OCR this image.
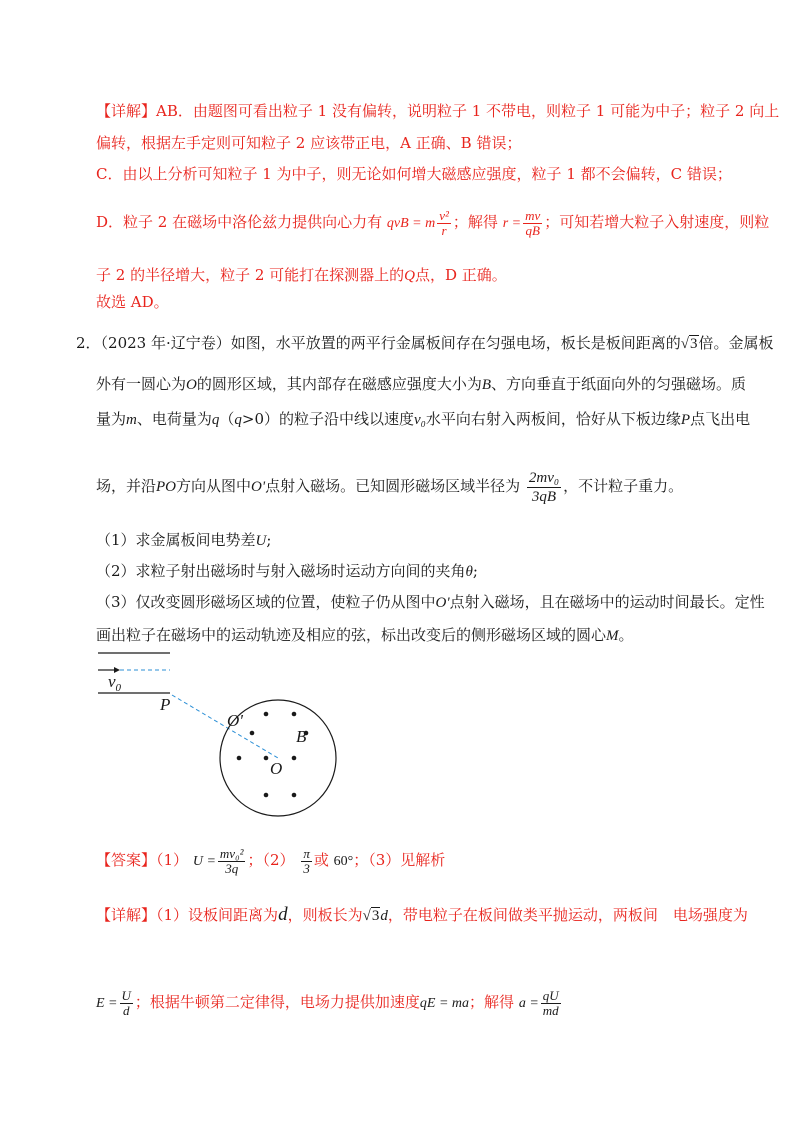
【详解】AB．由题图可看出粒子 1 没有偏转，说明粒子 1 不带电，则粒子 1 可能为中子；粒子 2 向上
偏转，根据左手定则可知粒子 2 应该带正电，A 正确、B 错误；
C．由以上分析可知粒子 1 为中子，则无论如何增大磁感应强度，粒子 1 都不会偏转，C 错误；
D．粒子 2 在磁场中洛伦兹力提供向心力有 qvB = m $\frac{\text{v²}}{r}$ ；解得 $r = \frac{mv}{qB}$ ；可知若增大粒子入射速度，则粒
子 2 的半径增大，粒子 2 可能打在探测器上的Q点，D 正确。
故选 AD。
2．（2023 年·辽宁卷）如图，水平放置的两平行金属板间存在匀强电场，板长是板间距离的√3倍。金属板
外有一圆心为O的圆形区域，其内部存在磁感应强度大小为B、方向垂直于纸面向外的匀强磁场。质
量为m、电荷量为q（q>0）的粒子沿中线以速度v₀水平向右射入两板间，恰好从下板边缘P点飞出电
场，并沿PO方向从图中O'点射入磁场。已知圆形磁场区域半径为 $\frac{\text{2mv₀}}{3qB}$ ，不计粒子重力。
（1）求金属板间电势差U;
（2）求粒子射出磁场时与射入磁场时运动方向间的夹角θ;
（3）仅改变圆形磁场区域的位置，使粒子仍从图中O'点射入磁场，且在磁场中的运动时间最长。定性
画出粒子在磁场中的运动轨迹及相应的弦，标出改变后的侧形磁场区域的圆心M。
$v_0$
P
O'
B
O
【答案】（1） $U = \frac{\text{mv₀²}}{3q}$ ；$(2) \frac{\pi}{3}$ 或 60°；（3）见解析
【详解】（1）设板间距离为d，则板长为√3d，带电粒子在板间做类平抛运动，两板间　电场强度为
$E = \frac{U}{d}$ ；根据牛顿第二定律得，电场力提供加速度qE = ma；解得 $a = \frac{qU}{md}$
